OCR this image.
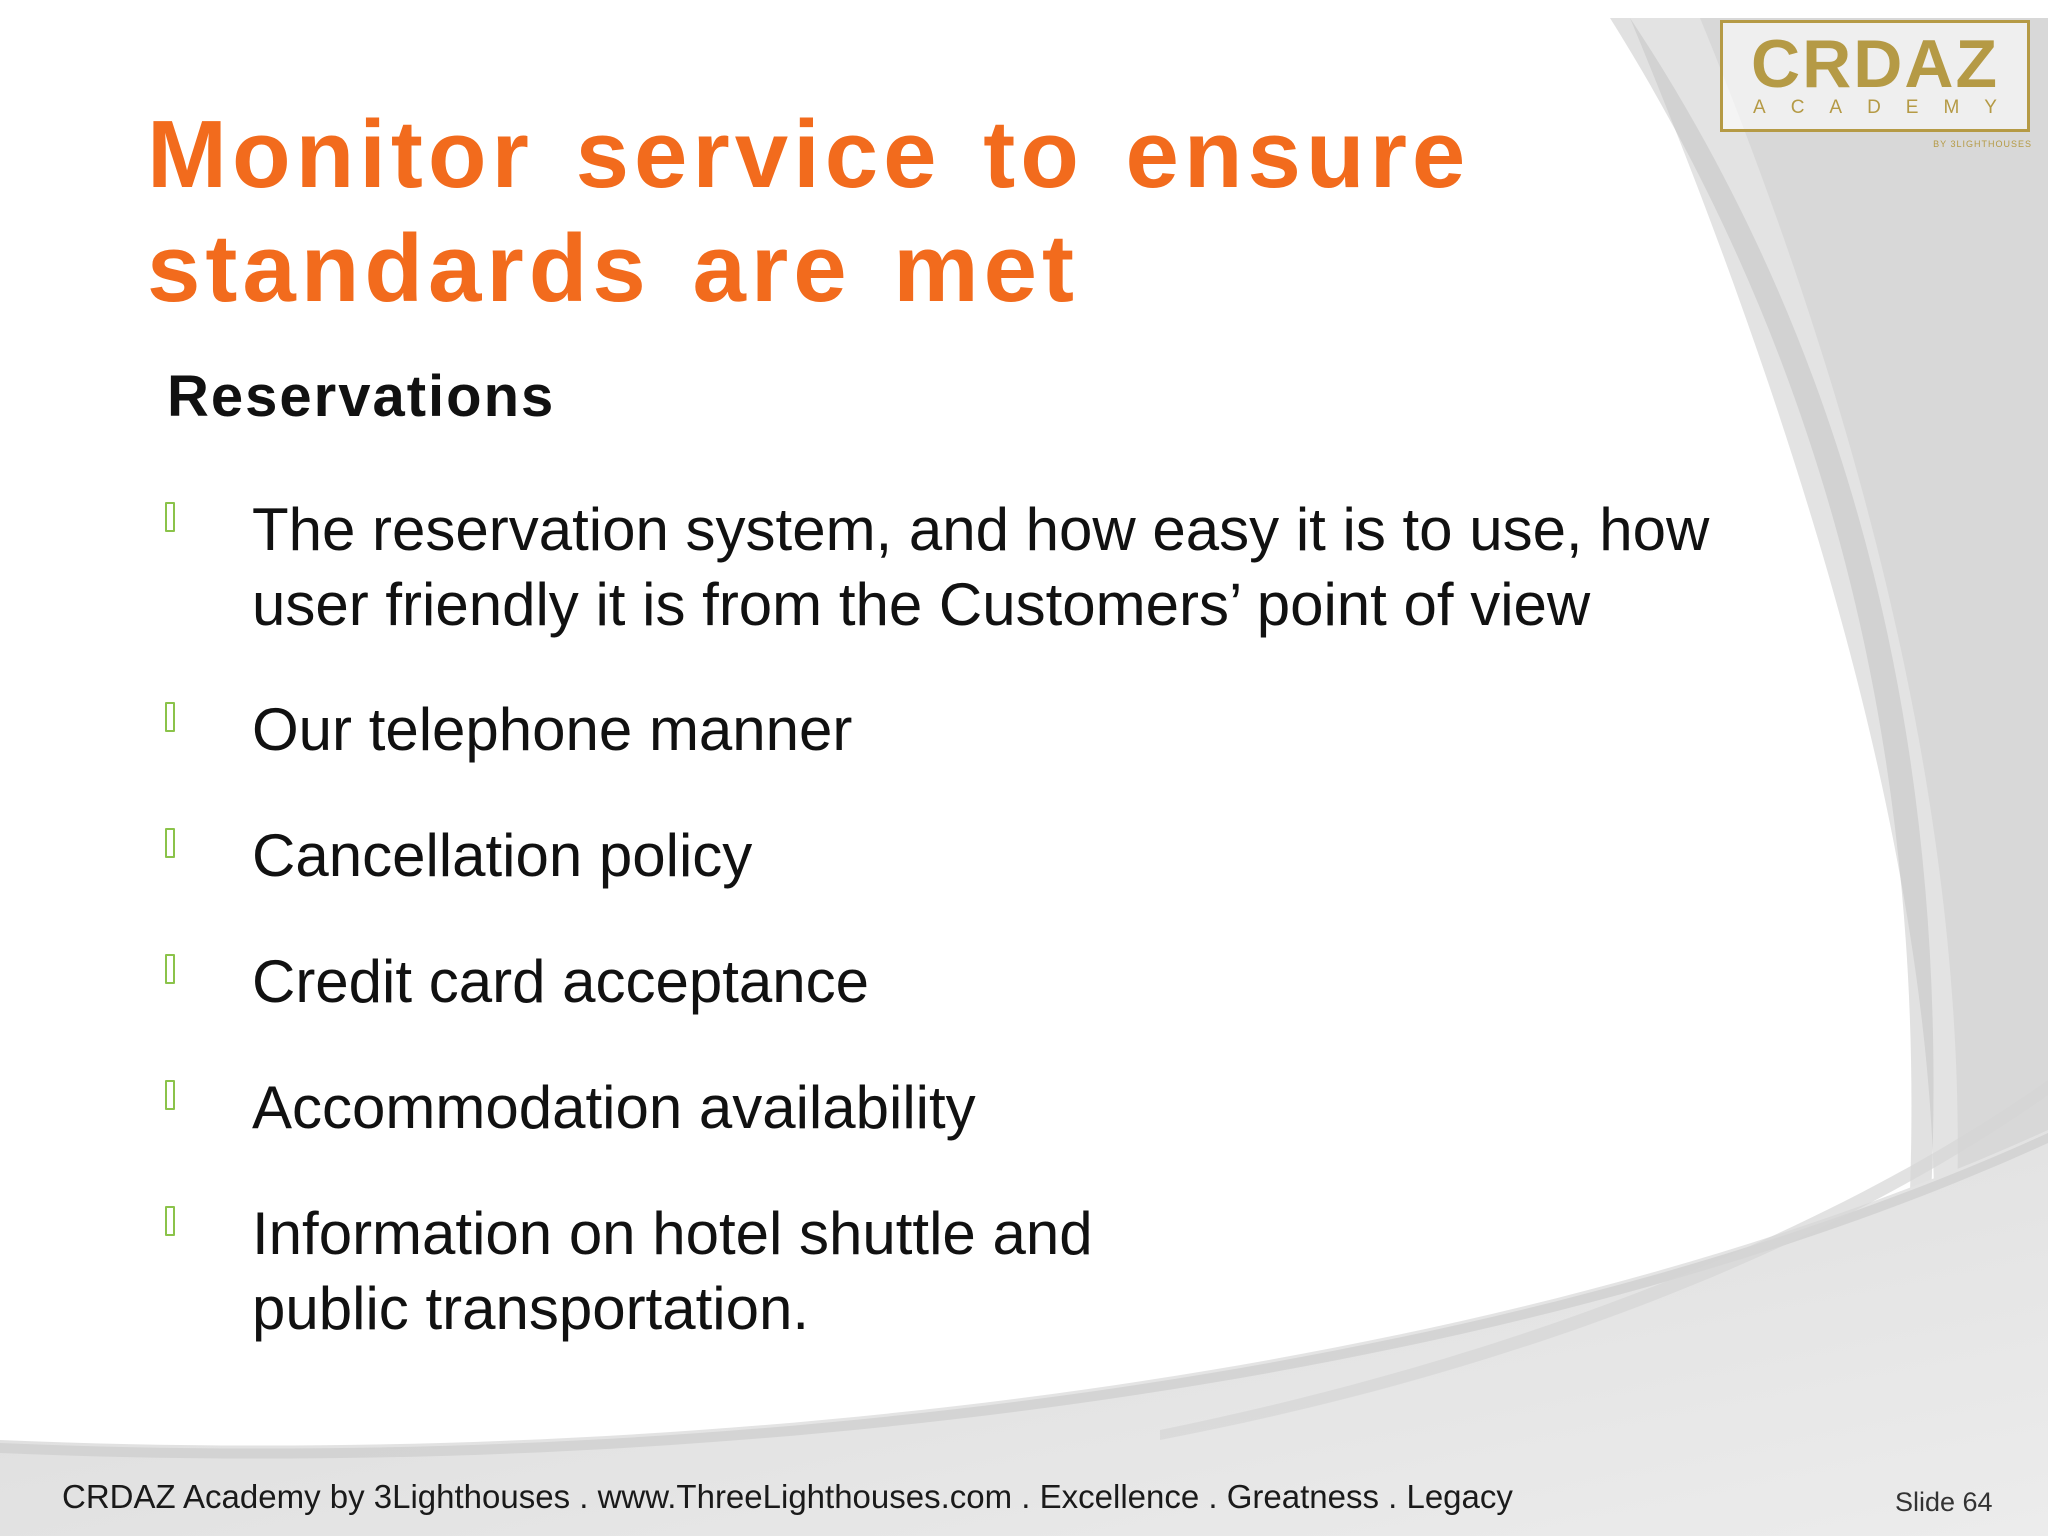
CRDAZ
ACADEMY
BY 3LIGHTHOUSES
Monitor service to ensure
standards are met
Reservations
The reservation system, and how easy it is to use, how
user friendly it is from the Customers’ point of view
Our telephone manner
Cancellation policy
Credit card acceptance
Accommodation availability
Information on hotel shuttle and
public transportation.
CRDAZ Academy by 3Lighthouses . www.ThreeLighthouses.com . Excellence . Greatness . Legacy	Slide 64
